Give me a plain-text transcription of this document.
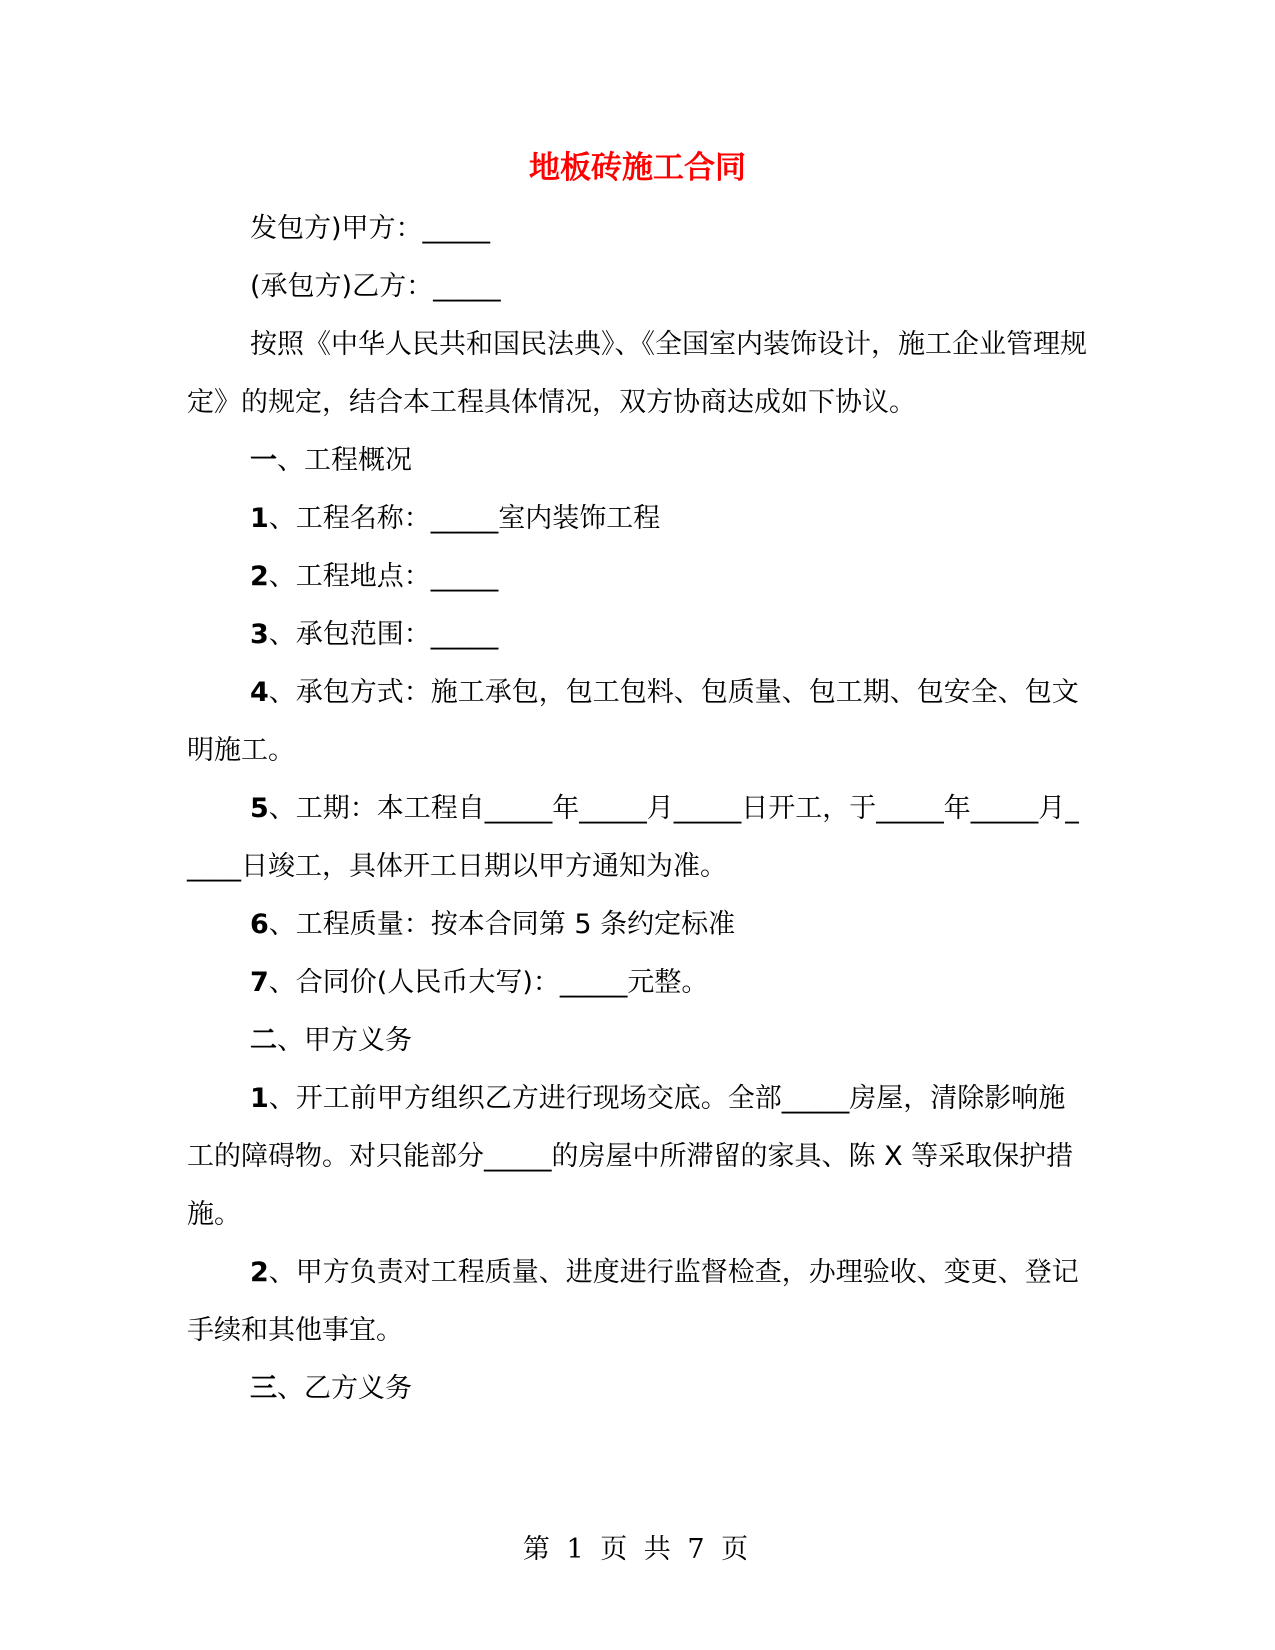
地板砖施工合同

发包方)甲方：_____

(承包方)乙方：_____

按照《中华人民共和国民法典》、《全国室内装饰设计，施工企业管理规定》的规定，结合本工程具体情况，双方协商达成如下协议。

一、工程概况

1、工程名称：_____室内装饰工程

2、工程地点：_____

3、承包范围：_____

4、承包方式：施工承包，包工包料、包质量、包工期、包安全、包文明施工。

5、工期：本工程自_____年_____月_____日开工，于_____年_____月_____日竣工，具体开工日期以甲方通知为准。

6、工程质量：按本合同第 5 条约定标准

7、合同价(人民币大写)：_____元整。

二、甲方义务

1、开工前甲方组织乙方进行现场交底。全部_____房屋，清除影响施工的障碍物。对只能部分_____的房屋中所滞留的家具、陈 X 等采取保护措施。

2、甲方负责对工程质量、进度进行监督检查，办理验收、变更、登记手续和其他事宜。

三、乙方义务

第 1 页 共 7 页
